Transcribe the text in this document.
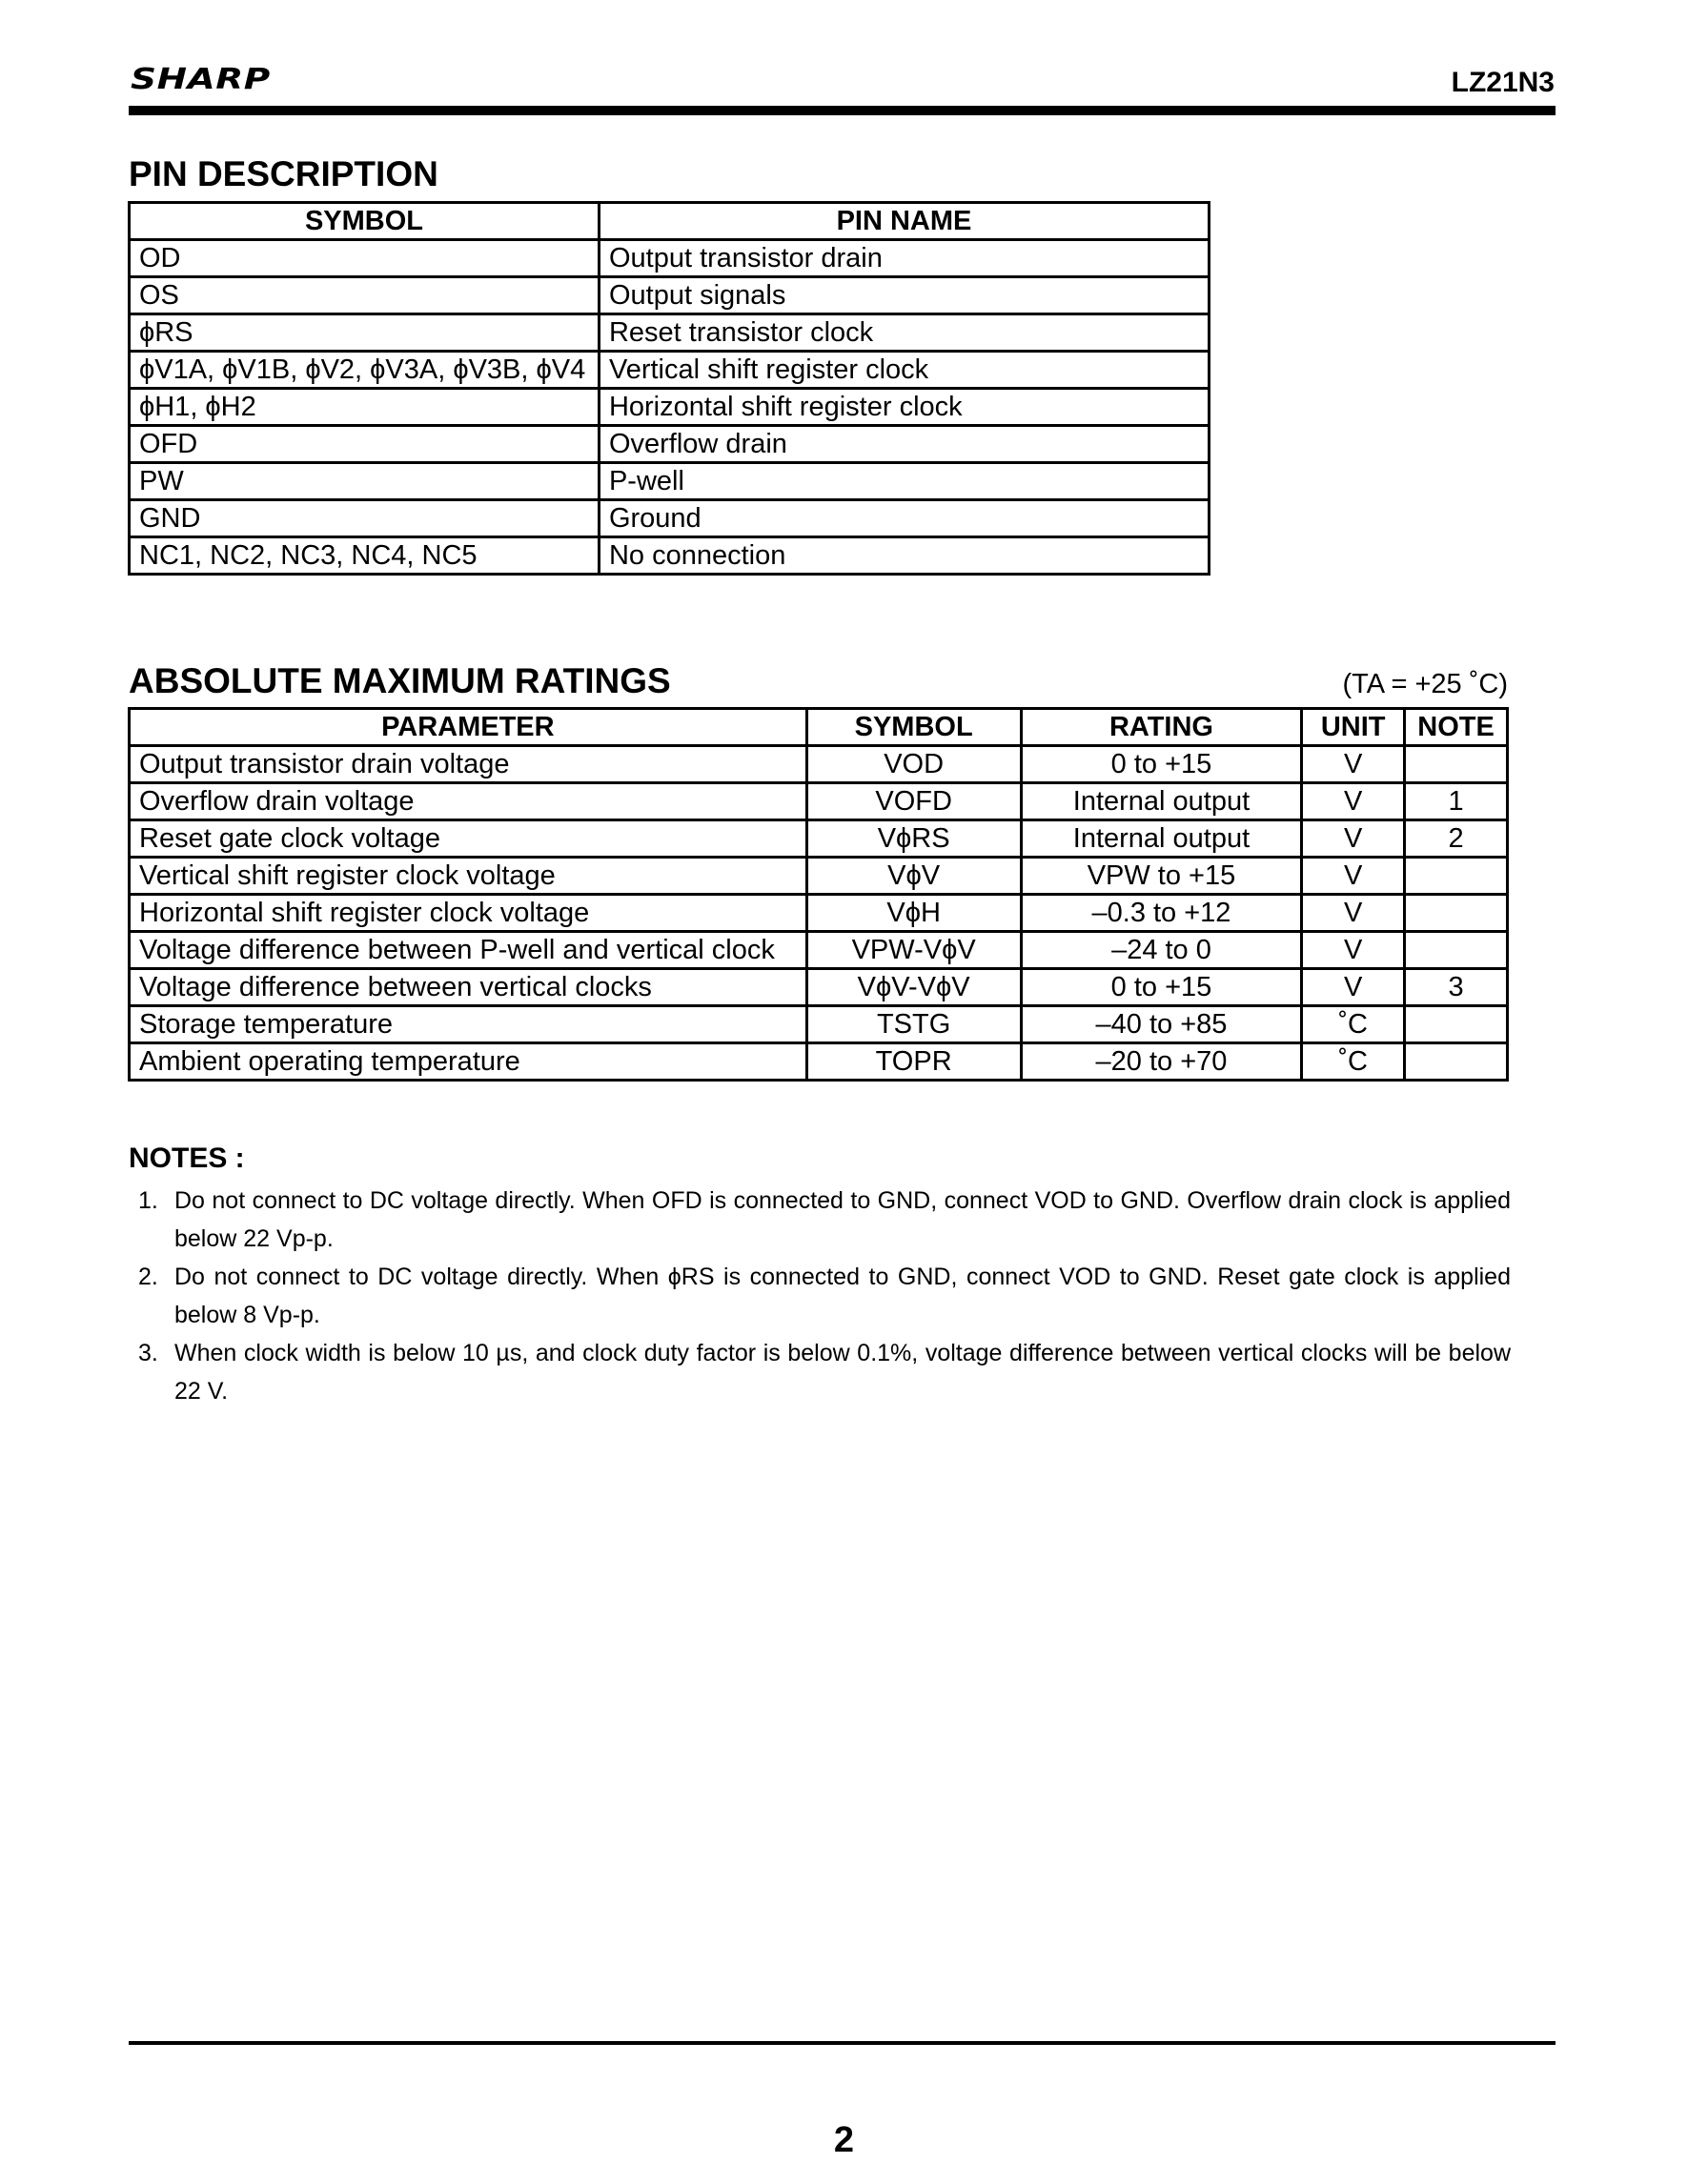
SHARP	LZ21N3
PIN DESCRIPTION
SYMBOL	PIN NAME
OD	Output transistor drain
OS	Output signals
ϕRS	Reset transistor clock
ϕV1A, ϕV1B, ϕV2, ϕV3A, ϕV3B, ϕV4	Vertical shift register clock
ϕH1, ϕH2	Horizontal shift register clock
OFD	Overflow drain
PW	P-well
GND	Ground
NC1, NC2, NC3, NC4, NC5	No connection
ABSOLUTE MAXIMUM RATINGS	(TA = +25 ˚C)
PARAMETER	SYMBOL	RATING	UNIT	NOTE
Output transistor drain voltage	VOD	0 to +15	V	
Overflow drain voltage	VOFD	Internal output	V	1
Reset gate clock voltage	VϕRS	Internal output	V	2
Vertical shift register clock voltage	VϕV	VPW to +15	V	
Horizontal shift register clock voltage	VϕH	–0.3 to +12	V	
Voltage difference between P-well and vertical clock	VPW-VϕV	–24 to 0	V	
Voltage difference between vertical clocks	VϕV-VϕV	0 to +15	V	3
Storage temperature	TSTG	–40 to +85	˚C	
Ambient operating temperature	TOPR	–20 to +70	˚C	
NOTES :
1. Do not connect to DC voltage directly. When OFD is connected to GND, connect VOD to GND. Overflow drain clock is applied below 22 Vp-p.
2. Do not connect to DC voltage directly. When ϕRS is connected to GND, connect VOD to GND. Reset gate clock is applied below 8 Vp-p.
3. When clock width is below 10 µs, and clock duty factor is below 0.1%, voltage difference between vertical clocks will be below 22 V.
2
